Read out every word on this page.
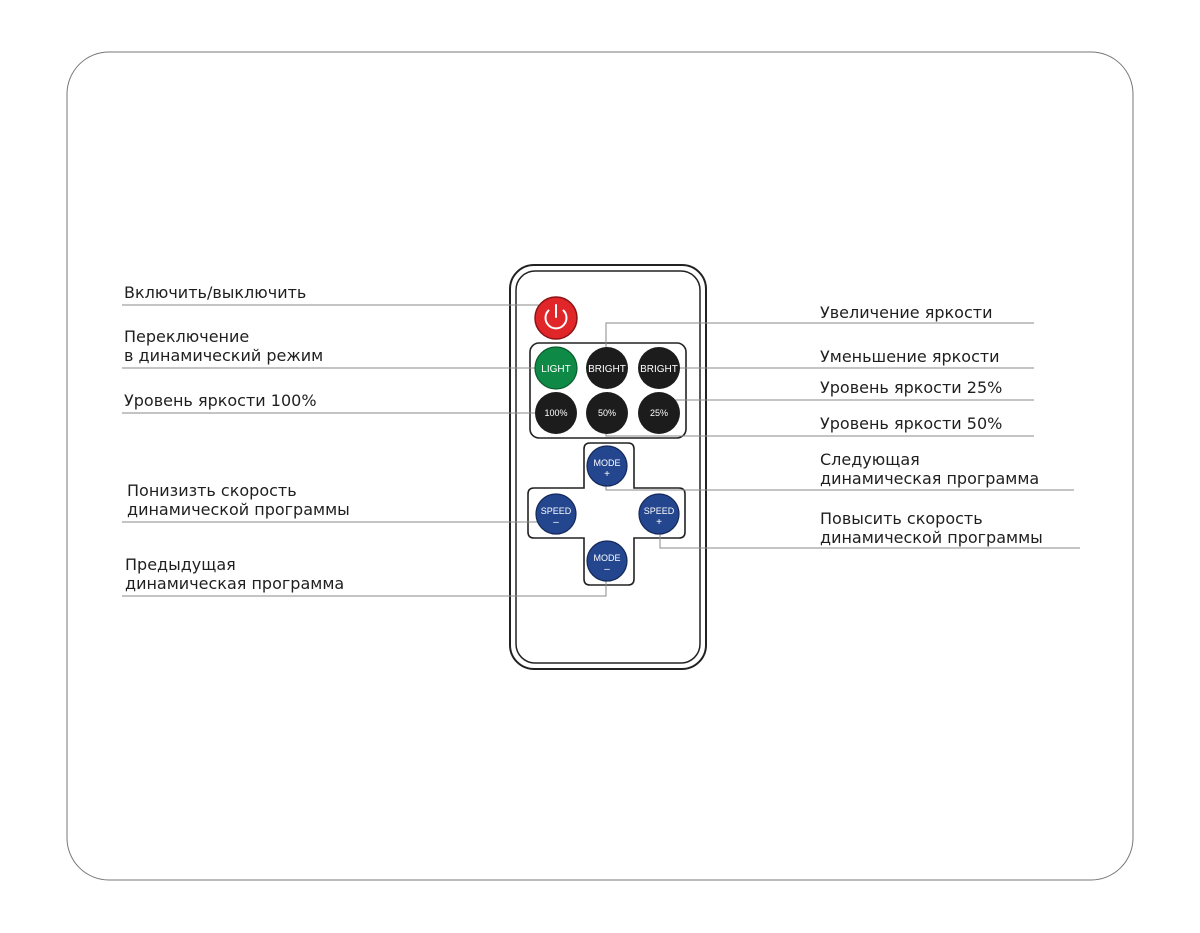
LIGHT BRIGHT BRIGHT
100%	50%	25%
MODE
+
SPEED
–
SPEED
+
MODE
–
Включить/выключить
Переключение
в динамический режим
Уровень яркости 100%
Понизизть скорость
динамической программы
Предыдущая
динамическая программа
Увеличение яркости
Уменьшение яркости
Уровень яркости 25%
Уровень яркости 50%
Следующая
динамическая программа
Повысить скорость
динамической программы
